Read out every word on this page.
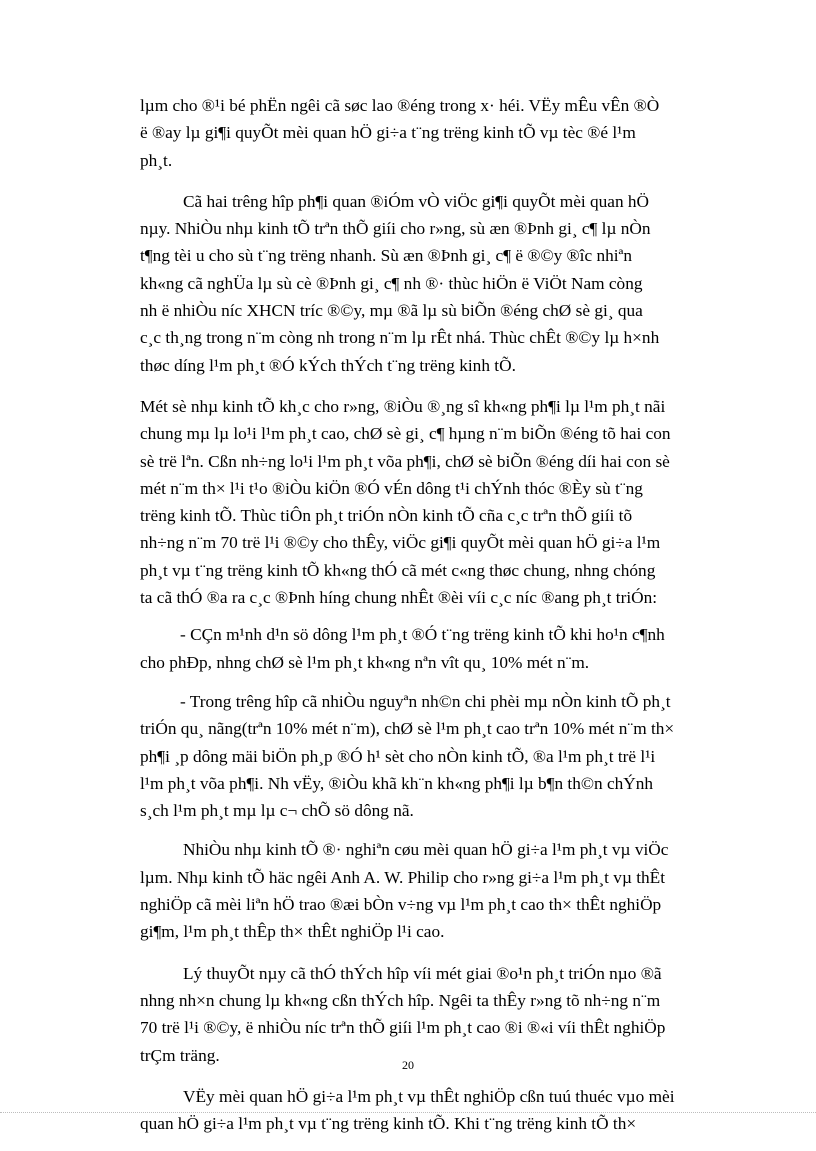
lµm cho ®¹i bé phËn ngêi cã søc lao ®éng trong x· héi. VËy mÊu vÊn ®Ò
ë ®ay lµ gi¶i quyÕt mèi quan hÖ gi÷a t¨ng trëng kinh tÕ vµ tèc ®é l¹m
ph¸t.

Cã hai trêng hîp ph¶i quan ®iÓm vÒ viÖc gi¶i quyÕt mèi quan hÖ
nµy. NhiÒu nhµ kinh tÕ trªn thÕ giíi cho r»ng, sù æn ®Þnh gi¸ c¶ lµ nÒn
t¶ng tèi u cho sù t¨ng trëng nhanh. Sù æn ®Þnh gi¸ c¶ ë ®©y ®îc nhiªn
kh«ng cã nghÜa lµ sù cè ®Þnh gi¸ c¶ nh ®· thùc hiÖn ë ViÖt Nam còng
nh ë nhiÒu níc XHCN tríc ®©y, mµ ®ã lµ sù biÕn ®éng chØ sè gi¸ qua
c¸c th¸ng trong n¨m còng nh trong n¨m lµ rÊt nhá. Thùc chÊt ®©y lµ h×nh
thøc díng l¹m ph¸t ®Ó kÝch thÝch t¨ng trëng kinh tÕ.

Mét sè nhµ kinh tÕ kh¸c cho r»ng, ®iÒu ®¸ng sî kh«ng ph¶i lµ l¹m ph¸t nãi
chung mµ lµ lo¹i l¹m ph¸t cao, chØ sè gi¸ c¶ hµng n¨m biÕn ®éng tõ hai con
sè trë lªn. Cßn nh÷ng lo¹i l¹m ph¸t võa ph¶i, chØ sè biÕn ®éng díi hai con sè
mét n¨m th× l¹i t¹o ®iÒu kiÖn ®Ó vÉn dông t¹i chÝnh thóc ®Èy sù t¨ng
trëng kinh tÕ. Thùc tiÔn ph¸t triÓn nÒn kinh tÕ cña c¸c trªn thÕ giíi tõ
nh÷ng n¨m 70 trë l¹i ®©y cho thÊy, viÖc gi¶i quyÕt mèi quan hÖ gi÷a l¹m
ph¸t vµ t¨ng trëng kinh tÕ kh«ng thÓ cã mét c«ng thøc chung, nhng chóng
ta cã thÓ ®a ra c¸c ®Þnh híng chung nhÊt ®èi víi c¸c níc ®ang ph¸t triÓn:

- CÇn m¹nh d¹n sö dông l¹m ph¸t ®Ó t¨ng trëng kinh tÕ khi ho¹n c¶nh
cho phÐp, nhng chØ sè l¹m ph¸t kh«ng nªn vît qu¸ 10% mét n¨m.

- Trong trêng hîp cã nhiÒu nguyªn nh©n chi phèi mµ nÒn kinh tÕ ph¸t
triÓn qu¸ nãng(trªn 10% mét n¨m), chØ sè l¹m ph¸t cao trªn 10% mét n¨m th×
ph¶i ¸p dông mäi biÖn ph¸p ®Ó h¹ sèt cho nÒn kinh tÕ, ®a l¹m ph¸t trë l¹i
l¹m ph¸t võa ph¶i. Nh vËy, ®iÒu khã kh¨n kh«ng ph¶i lµ b¶n th©n chÝnh
s¸ch l¹m ph¸t mµ lµ c¬ chÕ sö dông nã.

NhiÒu nhµ kinh tÕ ®· nghiªn cøu mèi quan hÖ gi÷a l¹m ph¸t vµ viÖc
lµm. Nhµ kinh tÕ häc ngêi Anh A. W. Philip cho r»ng gi÷a l¹m ph¸t vµ thÊt
nghiÖp cã mèi liªn hÖ trao ®æi bÒn v÷ng vµ l¹m ph¸t cao th× thÊt nghiÖp
gi¶m, l¹m ph¸t thÊp th× thÊt nghiÖp l¹i cao.

Lý thuyÕt nµy cã thÓ thÝch hîp víi mét giai ®o¹n ph¸t triÓn nµo ®ã
nhng nh×n chung lµ kh«ng cßn thÝch hîp. Ngêi ta thÊy r»ng tõ nh÷ng n¨m
70 trë l¹i ®©y, ë nhiÒu níc trªn thÕ giíi l¹m ph¸t cao ®i ®«i víi thÊt nghiÖp
trÇm träng.

VËy mèi quan hÖ gi÷a l¹m ph¸t vµ thÊt nghiÖp cßn tuú thuéc vµo mèi
quan hÖ gi÷a l¹m ph¸t vµ t¨ng trëng kinh tÕ. Khi t¨ng trëng kinh tÕ th×

20
